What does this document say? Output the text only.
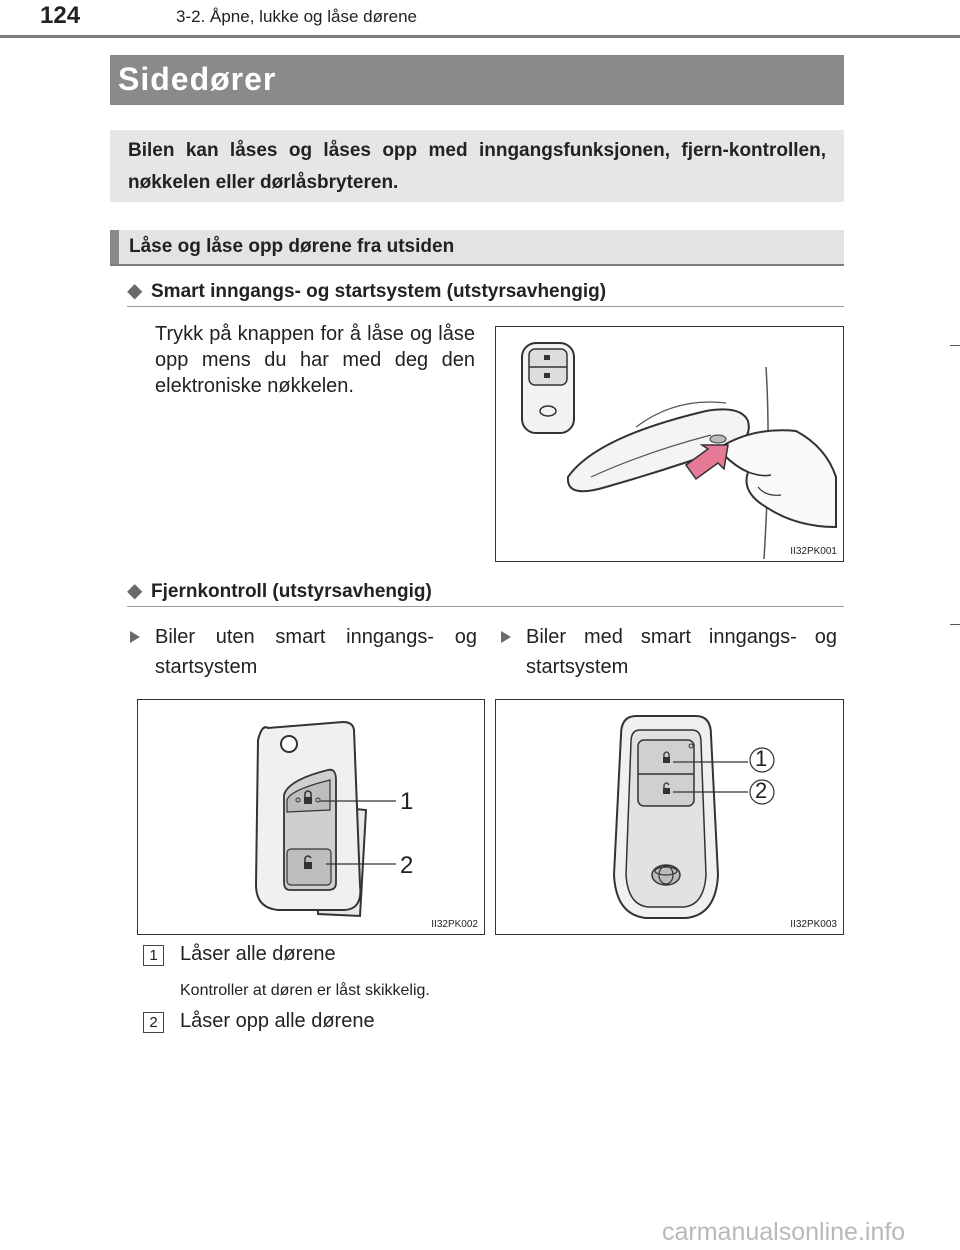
124	3-2. Åpne, lukke og låse dørene
Sidedører

Bilen kan låses og låses opp med inngangsfunksjonen, fjern-kontrollen, nøkkelen eller dørlåsbryteren.

Låse og låse opp dørene fra utsiden
◆ Smart inngangs- og startsystem (utstyrsavhengig)

Trykk på knappen for å låse og låse opp mens du har med deg den elektroniske nøkkelen.

II32PK001
◆ Fjernkontroll (utstyrsavhengig)

Biler uten smart inngangs- og startsystem

Biler med smart inngangs- og startsystem

1
2
II32PK002
1
2
II32PK003
1	Låser alle dørene
Kontroller at døren er låst skikkelig.
2	Låser opp alle dørene
carmanualsonline.info
